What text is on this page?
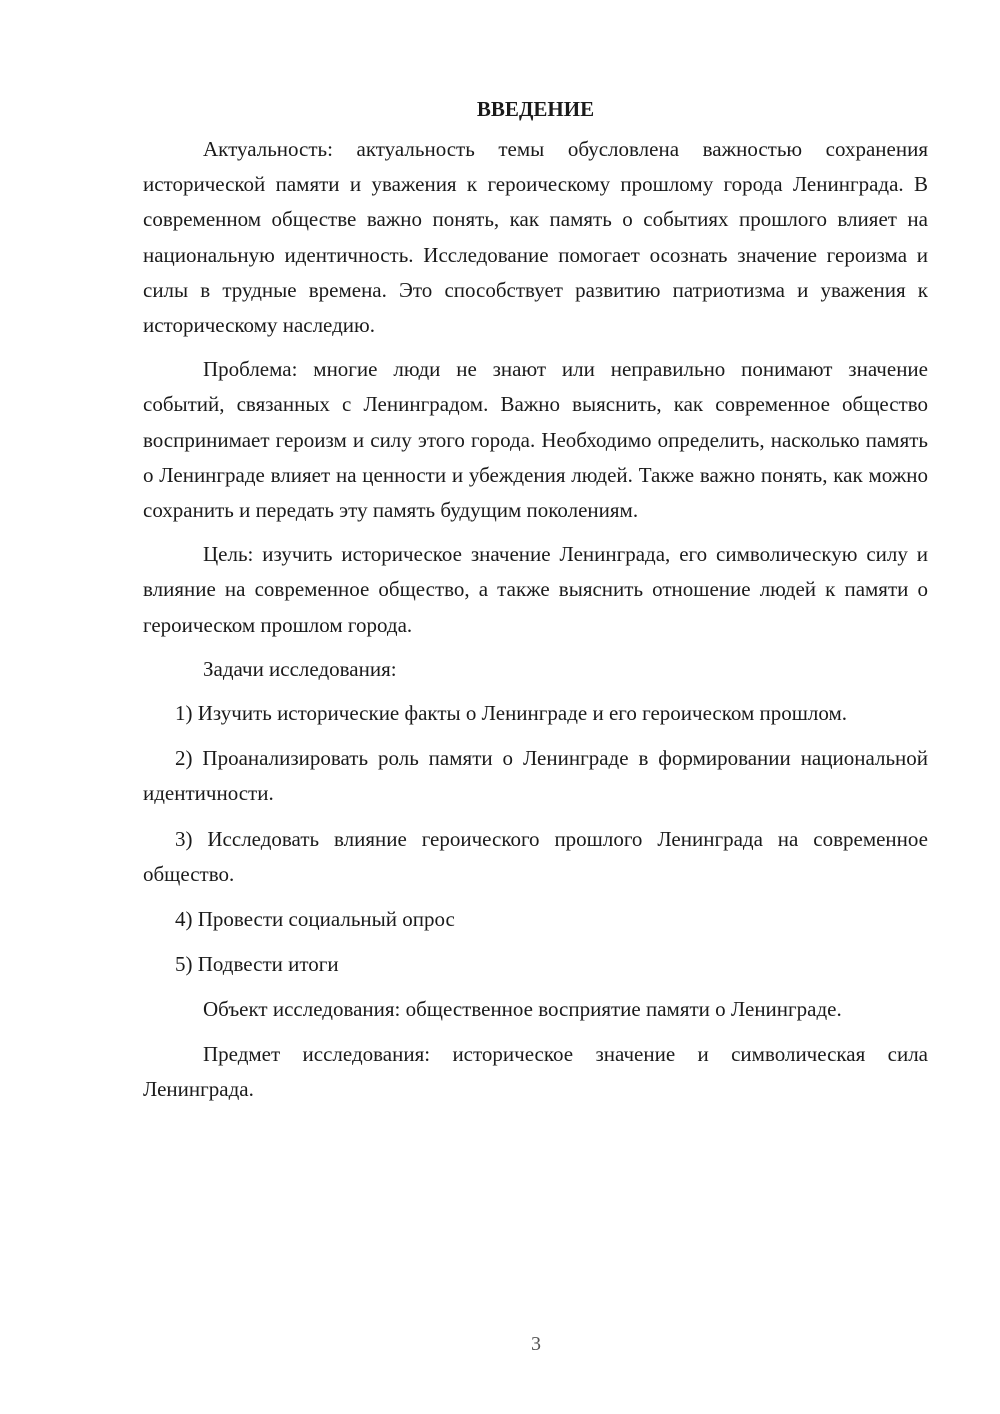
ВВЕДЕНИЕ

Актуальность: актуальность темы обусловлена важностью сохранения исторической памяти и уважения к героическому прошлому города Ленинграда. В современном обществе важно понять, как память о событиях прошлого влияет на национальную идентичность. Исследование помогает осознать значение героизма и силы в трудные времена. Это способствует развитию патриотизма и уважения к историческому наследию.

Проблема: многие люди не знают или неправильно понимают значение событий, связанных с Ленинградом. Важно выяснить, как современное общество воспринимает героизм и силу этого города. Необходимо определить, насколько память о Ленинграде влияет на ценности и убеждения людей. Также важно понять, как можно сохранить и передать эту память будущим поколениям.

Цель: изучить историческое значение Ленинграда, его символическую силу и влияние на современное общество, а также выяснить отношение людей к памяти о героическом прошлом города.

Задачи исследования:

1) Изучить исторические факты о Ленинграде и его героическом прошлом.

2) Проанализировать роль памяти о Ленинграде в формировании национальной идентичности.

3) Исследовать влияние героического прошлого Ленинграда на современное общество.

4) Провести социальный опрос

5) Подвести итоги

Объект исследования: общественное восприятие памяти о Ленинграде.

Предмет исследования: историческое значение и символическая сила Ленинграда.

3
